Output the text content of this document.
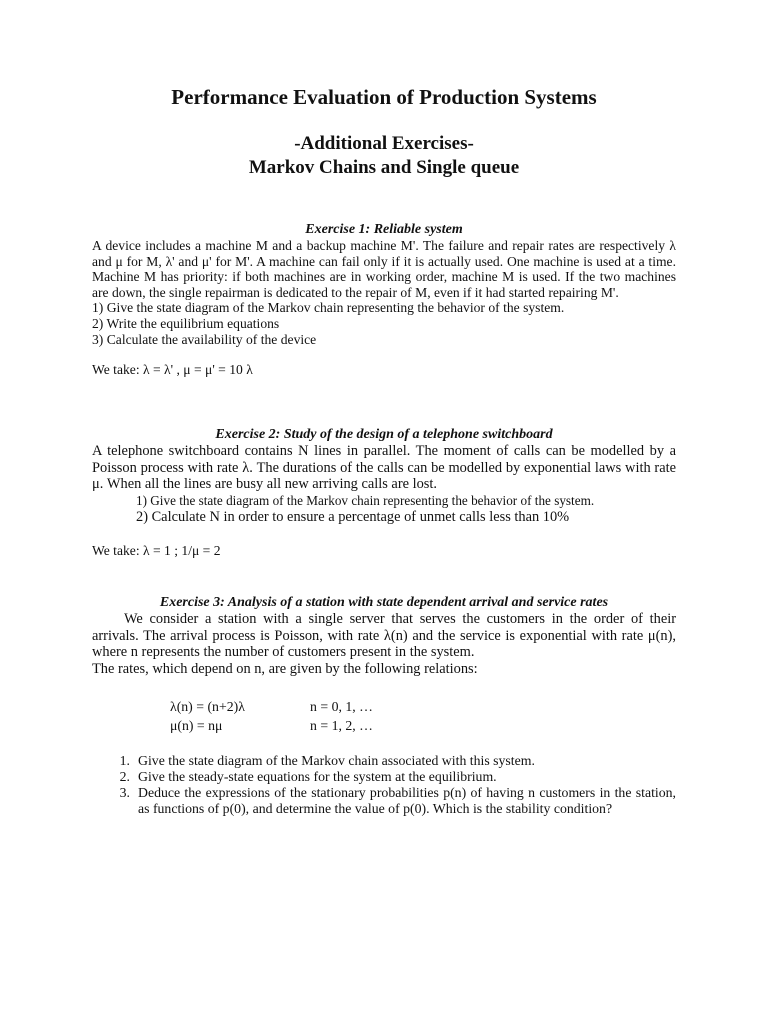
Performance Evaluation of Production Systems
-Additional Exercises-
Markov Chains and Single queue

Exercise 1: Reliable system

A device includes a machine M and a backup machine M'. The failure and repair rates are respectively λ and μ for M, λ' and μ' for M'. A machine can fail only if it is actually used. One machine is used at a time. Machine M has priority: if both machines are in working order, machine M is used. If the two machines are down, the single repairman is dedicated to the repair of M, even if it had started repairing M'.

1) Give the state diagram of the Markov chain representing the behavior of the system.

2) Write the equilibrium equations

3) Calculate the availability of the device

We take: λ = λ' , μ = μ' = 10 λ

Exercise 2: Study of the design of a telephone switchboard

A telephone switchboard contains N lines in parallel. The moment of calls can be modelled by a Poisson process with rate λ. The durations of the calls can be modelled by exponential laws with rate μ. When all the lines are busy all new arriving calls are lost.

1) Give the state diagram of the Markov chain representing the behavior of the system.

2) Calculate N in order to ensure a percentage of unmet calls less than 10%

We take: λ = 1 ; 1/μ = 2

Exercise 3: Analysis of a station with state dependent arrival and service rates

We consider a station with a single server that serves the customers in the order of their arrivals. The arrival process is Poisson, with rate λ(n) and the service is exponential with rate μ(n), where n represents the number of customers present in the system.

The rates, which depend on n, are given by the following relations:

λ(n) = (n+2)λ	n = 0, 1, …
μ(n) = nμ	n = 1, 2, …
1. Give the state diagram of the Markov chain associated with this system.
2. Give the steady-state equations for the system at the equilibrium.
3. Deduce the expressions of the stationary probabilities p(n) of having n customers in the station, as functions of p(0), and determine the value of p(0). Which is the stability condition?
